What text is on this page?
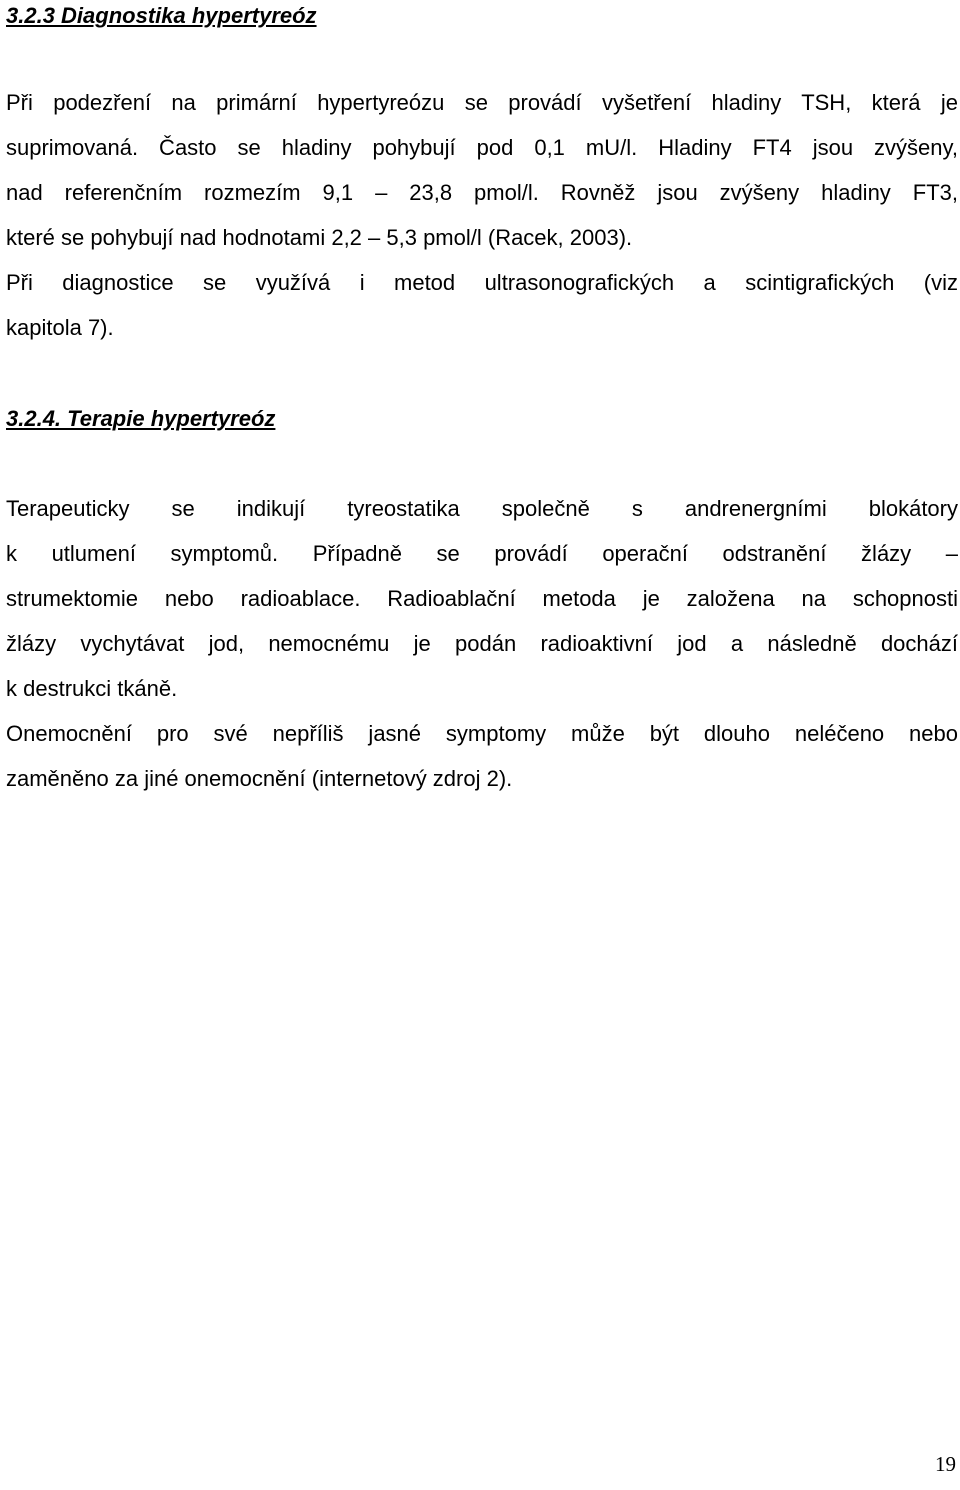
3.2.3 Diagnostika hypertyreóz
Při podezření na primární hypertyreózu se provádí vyšetření hladiny TSH, která je
suprimovaná. Často se hladiny pohybují pod 0,1 mU/l. Hladiny FT4 jsou zvýšeny,
nad referenčním rozmezím 9,1 – 23,8 pmol/l. Rovněž jsou zvýšeny hladiny FT3,
které se pohybují nad hodnotami 2,2 – 5,3 pmol/l (Racek, 2003).
Při diagnostice se využívá i metod ultrasonografických a scintigrafických (viz
kapitola 7).
3.2.4. Terapie hypertyreóz
Terapeuticky se indikují tyreostatika společně s andrenergními blokátory
k utlumení symptomů. Případně se provádí operační odstranění žlázy –
strumektomie nebo radioablace. Radioablační metoda je založena na schopnosti
žlázy vychytávat jod, nemocnému je podán radioaktivní jod a následně dochází
k destrukci tkáně.
Onemocnění pro své nepříliš jasné symptomy může být dlouho neléčeno nebo
zaměněno za jiné onemocnění (internetový zdroj 2).
19
